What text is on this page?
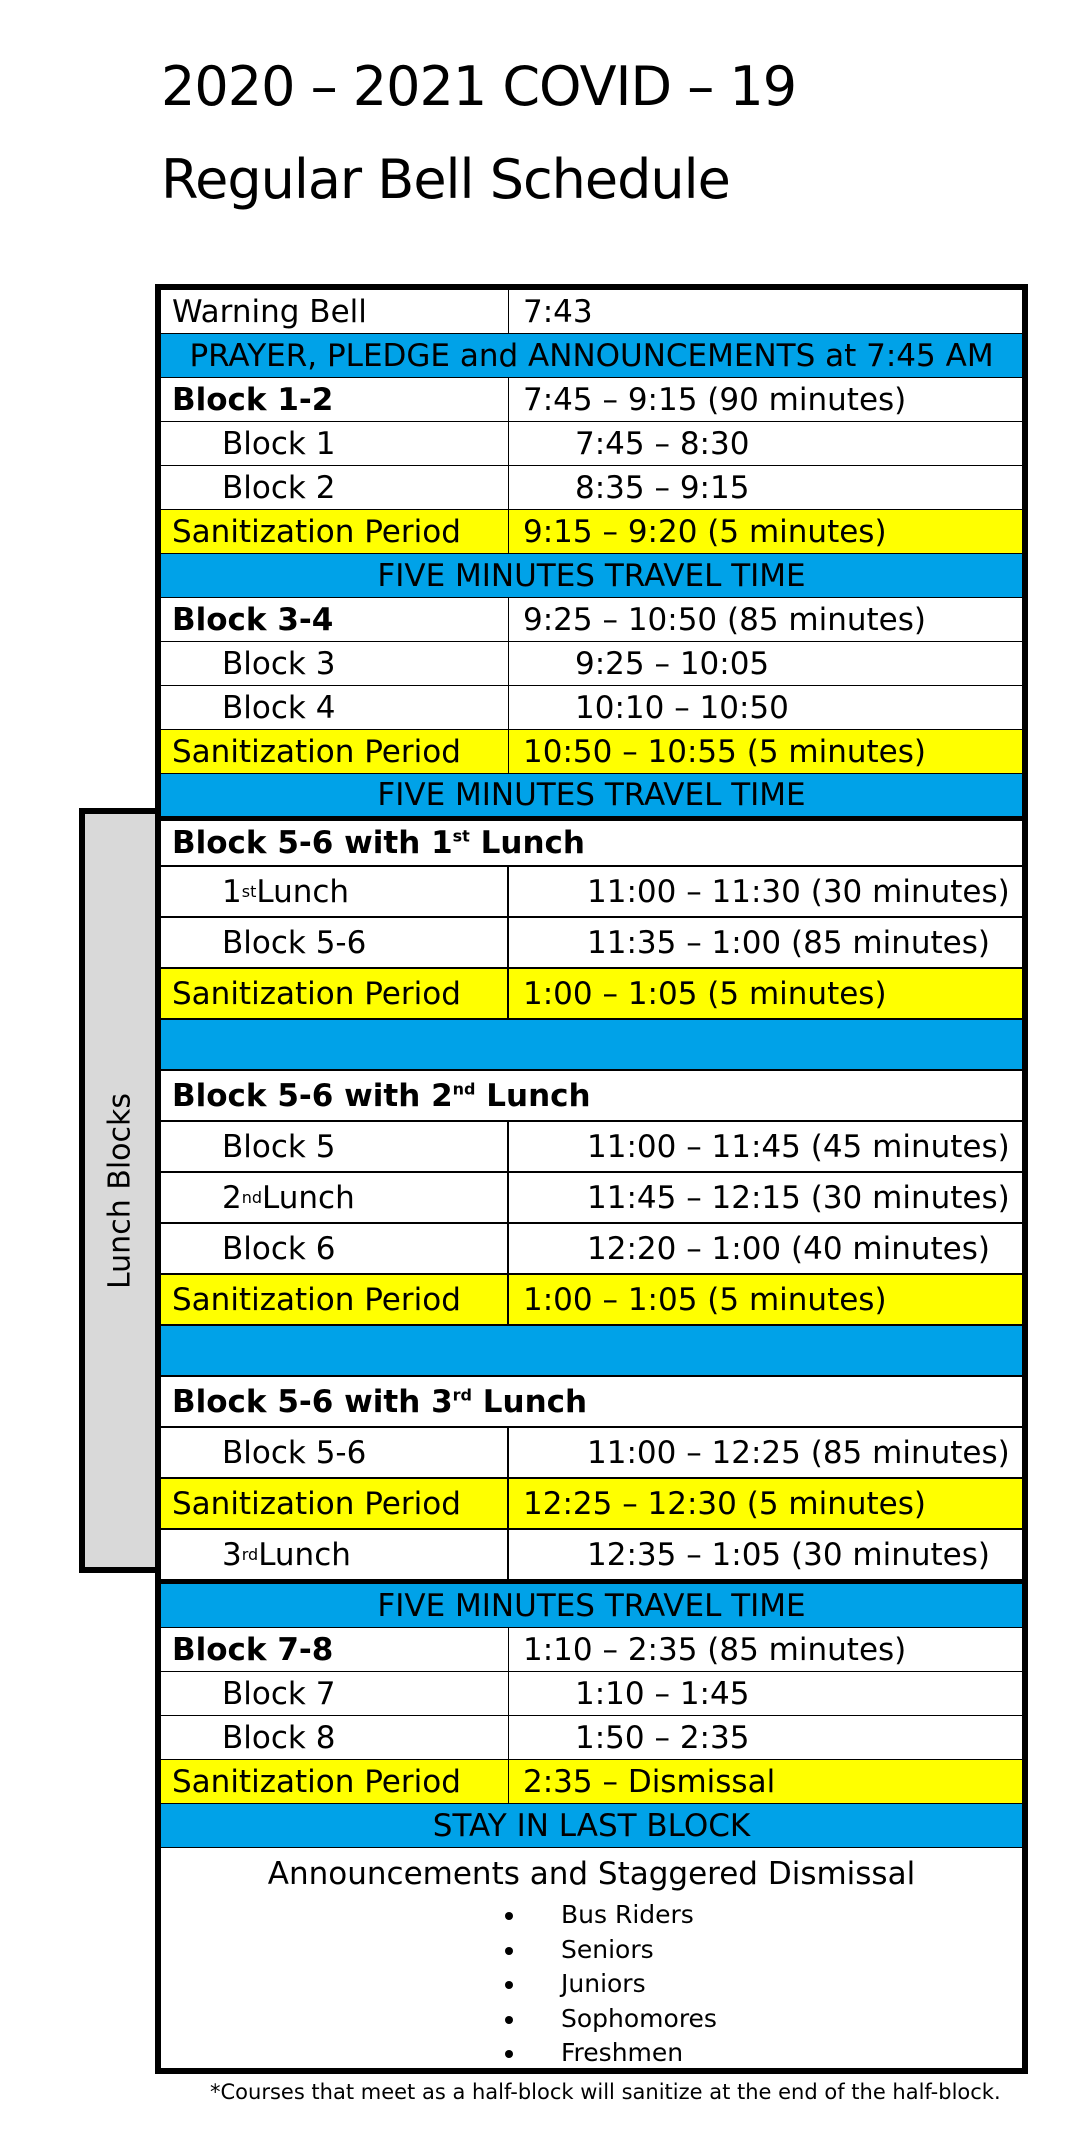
2020 – 2021 COVID – 19
Regular Bell Schedule
Lunch Blocks
Warning Bell	7:43
PRAYER, PLEDGE and ANNOUNCEMENTS at 7:45 AM
Block 1-2	7:45 – 9:15 (90 minutes)
Block 1	7:45 – 8:30
Block 2	8:35 – 9:15
Sanitization Period	9:15 – 9:20 (5 minutes)
FIVE MINUTES TRAVEL TIME
Block 3-4	9:25 – 10:50 (85 minutes)
Block 3	9:25 – 10:05
Block 4	10:10 – 10:50
Sanitization Period	10:50 – 10:55 (5 minutes)
FIVE MINUTES TRAVEL TIME
Block 5-6 with 1st Lunch
1 st Lunch	11:00 – 11:30 (30 minutes)
Block 5-6	11:35 – 1:00 (85 minutes)
Sanitization Period	1:00 – 1:05 (5 minutes)
Block 5-6 with 2nd Lunch
Block 5	11:00 – 11:45 (45 minutes)
2 nd Lunch	11:45 – 12:15 (30 minutes)
Block 6	12:20 – 1:00 (40 minutes)
Sanitization Period	1:00 – 1:05 (5 minutes)
Block 5-6 with 3rd Lunch
Block 5-6	11:00 – 12:25 (85 minutes)
Sanitization Period	12:25 – 12:30 (5 minutes)
3 rd Lunch	12:35 – 1:05 (30 minutes)
FIVE MINUTES TRAVEL TIME
Block 7-8	1:10 – 2:35 (85 minutes)
Block 7	1:10 – 1:45
Block 8	1:50 – 2:35
Sanitization Period	2:35 – Dismissal
STAY IN LAST BLOCK
Announcements and Staggered Dismissal
Bus Riders
Seniors
Juniors
Sophomores
Freshmen
*Courses that meet as a half-block will sanitize at the end of the half-block.
